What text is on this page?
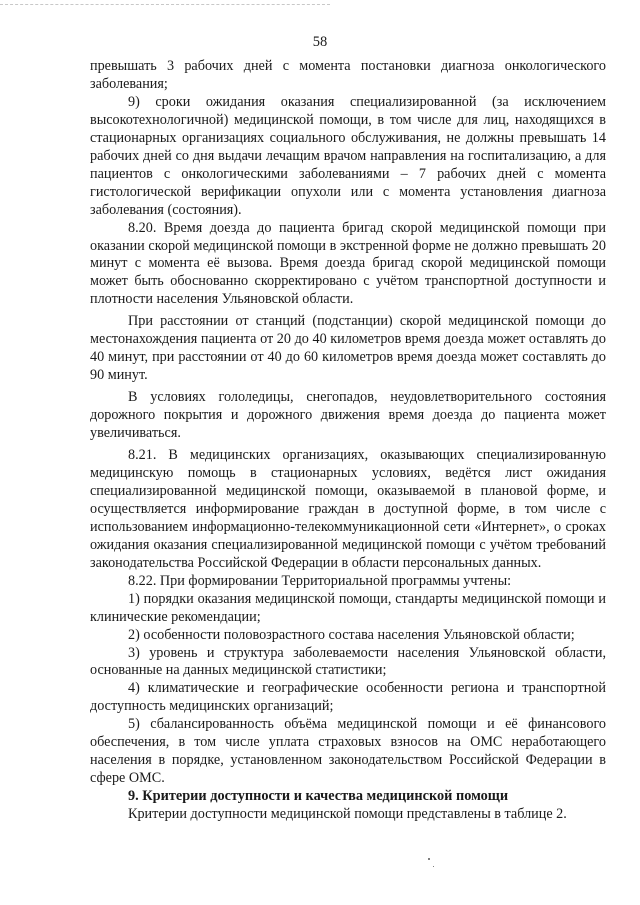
58

превышать 3 рабочих дней с момента постановки диагноза онкологического заболевания;

9) сроки ожидания оказания специализированной (за исключением высокотехнологичной) медицинской помощи, в том числе для лиц, находящихся в стационарных организациях социального обслуживания, не должны превышать 14 рабочих дней со дня выдачи лечащим врачом направления на госпитализацию, а для пациентов с онкологическими заболеваниями – 7 рабочих дней с момента гистологической верификации опухоли или с момента установления диагноза заболевания (состояния).

8.20. Время доезда до пациента бригад скорой медицинской помощи при оказании скорой медицинской помощи в экстренной форме не должно превышать 20 минут с момента её вызова. Время доезда бригад скорой медицинской помощи может быть обоснованно скорректировано с учётом транспортной доступности и плотности населения Ульяновской области.

При расстоянии от станций (подстанции) скорой медицинской помощи до местонахождения пациента от 20 до 40 километров время доезда может оставлять до 40 минут, при расстоянии от 40 до 60 километров время доезда может составлять до 90 минут.

В условиях гололедицы, снегопадов, неудовлетворительного состояния дорожного покрытия и дорожного движения время доезда до пациента может увеличиваться.

8.21. В медицинских организациях, оказывающих специализированную медицинскую помощь в стационарных условиях, ведётся лист ожидания специализированной медицинской помощи, оказываемой в плановой форме, и осуществляется информирование граждан в доступной форме, в том числе с использованием информационно-телекоммуникационной сети «Интернет», о сроках ожидания оказания специализированной медицинской помощи с учётом требований законодательства Российской Федерации в области персональных данных.

8.22. При формировании Территориальной программы учтены:

1) порядки оказания медицинской помощи, стандарты медицинской помощи и клинические рекомендации;

2) особенности половозрастного состава населения Ульяновской области;

3) уровень и структура заболеваемости населения Ульяновской области, основанные на данных медицинской статистики;

4) климатические и географические особенности региона и транспортной доступность медицинских организаций;

5) сбалансированность объёма медицинской помощи и её финансового обеспечения, в том числе уплата страховых взносов на ОМС неработающего населения в порядке, установленном законодательством Российской Федерации в сфере ОМС.

9. Критерии доступности и качества медицинской помощи

Критерии доступности медицинской помощи представлены в таблице 2.
